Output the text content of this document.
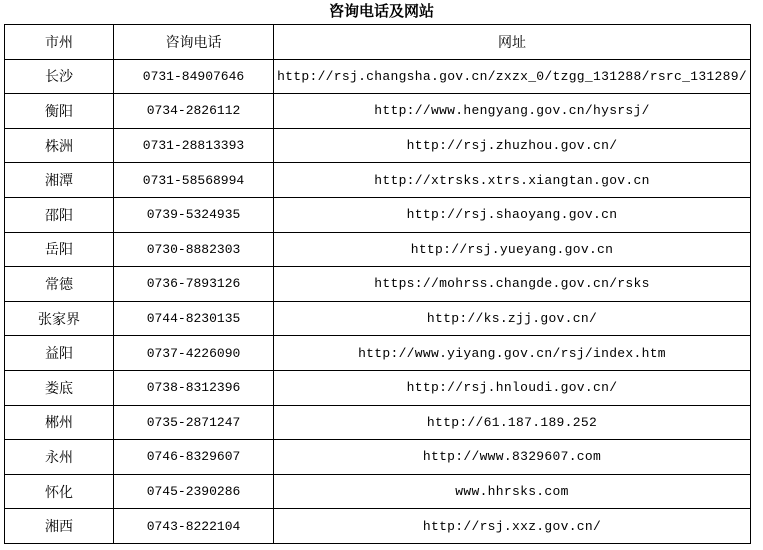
咨询电话及网站
市州	咨询电话	网址
长沙	0731-84907646	http://rsj.changsha.gov.cn/zxzx_0/tzgg_131288/rsrc_131289/
衡阳	0734-2826112	http://www.hengyang.gov.cn/hysrsj/
株洲	0731-28813393	http://rsj.zhuzhou.gov.cn/
湘潭	0731-58568994	http://xtrsks.xtrs.xiangtan.gov.cn
邵阳	0739-5324935	http://rsj.shaoyang.gov.cn
岳阳	0730-8882303	http://rsj.yueyang.gov.cn
常德	0736-7893126	https://mohrss.changde.gov.cn/rsks
张家界	0744-8230135	http://ks.zjj.gov.cn/
益阳	0737-4226090	http://www.yiyang.gov.cn/rsj/index.htm
娄底	0738-8312396	http://rsj.hnloudi.gov.cn/
郴州	0735-2871247	http://61.187.189.252
永州	0746-8329607	http://www.8329607.com
怀化	0745-2390286	www.hhrsks.com
湘西	0743-8222104	http://rsj.xxz.gov.cn/
